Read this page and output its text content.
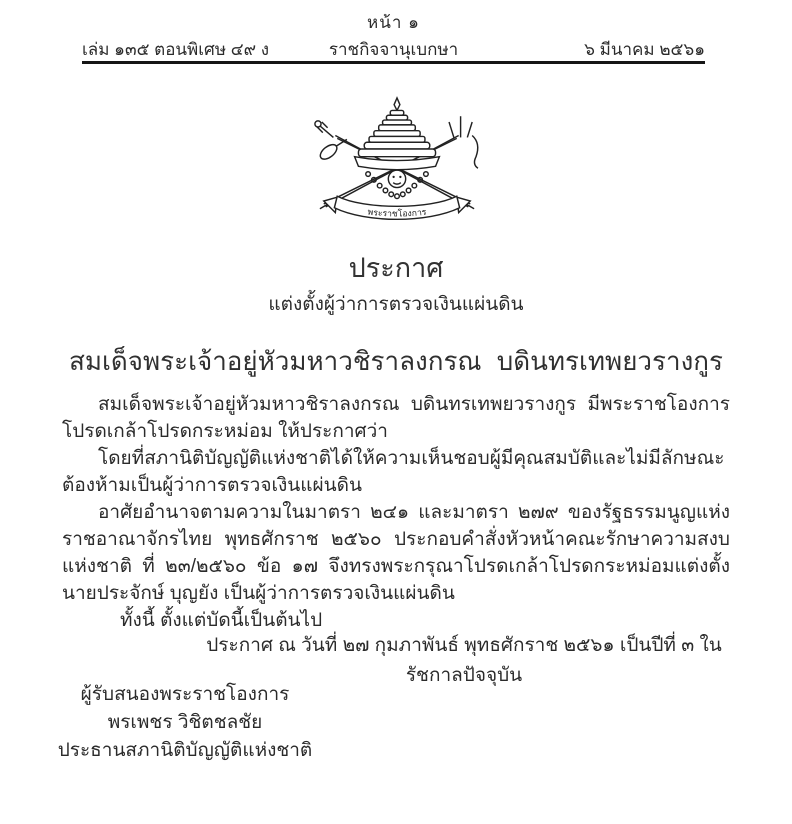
หน้า ๑
เล่ม ๑๓๕ ตอนพิเศษ ๔๙ ง	ราชกิจจานุเบกษา	๖ มีนาคม ๒๕๖๑
พระราชโองการ
ประกาศ
แต่งตั้งผู้ว่าการตรวจเงินแผ่นดิน
สมเด็จพระเจ้าอยู่หัวมหาวชิราลงกรณ บดินทรเทพยวรางกูร

สมเด็จพระเจ้าอยู่หัวมหาวชิราลงกรณ บดินทรเทพยวรางกูร มีพระราชโองการโปรดเกล้าโปรดกระหม่อม ให้ประกาศว่า

โดยที่สภานิติบัญญัติแห่งชาติได้ให้ความเห็นชอบผู้มีคุณสมบัติและไม่มีลักษณะต้องห้ามเป็นผู้ว่าการตรวจเงินแผ่นดิน

อาศัยอำนาจตามความในมาตรา ๒๔๑ และมาตรา ๒๗๙ ของรัฐธรรมนูญแห่งราชอาณาจักรไทย พุทธศักราช ๒๕๖๐ ประกอบคำสั่งหัวหน้าคณะรักษาความสงบแห่งชาติ ที่ ๒๓/๒๕๖๐ ข้อ ๑๗ จึงทรงพระกรุณาโปรดเกล้าโปรดกระหม่อมแต่งตั้ง นายประจักษ์ บุญยัง เป็นผู้ว่าการตรวจเงินแผ่นดิน

ทั้งนี้ ตั้งแต่บัดนี้เป็นต้นไป

ประกาศ ณ วันที่ ๒๗ กุมภาพันธ์ พุทธศักราช ๒๕๖๑ เป็นปีที่ ๓ ในรัชกาลปัจจุบัน
ผู้รับสนองพระราชโองการ
พรเพชร วิชิตชลชัย
ประธานสภานิติบัญญัติแห่งชาติ
